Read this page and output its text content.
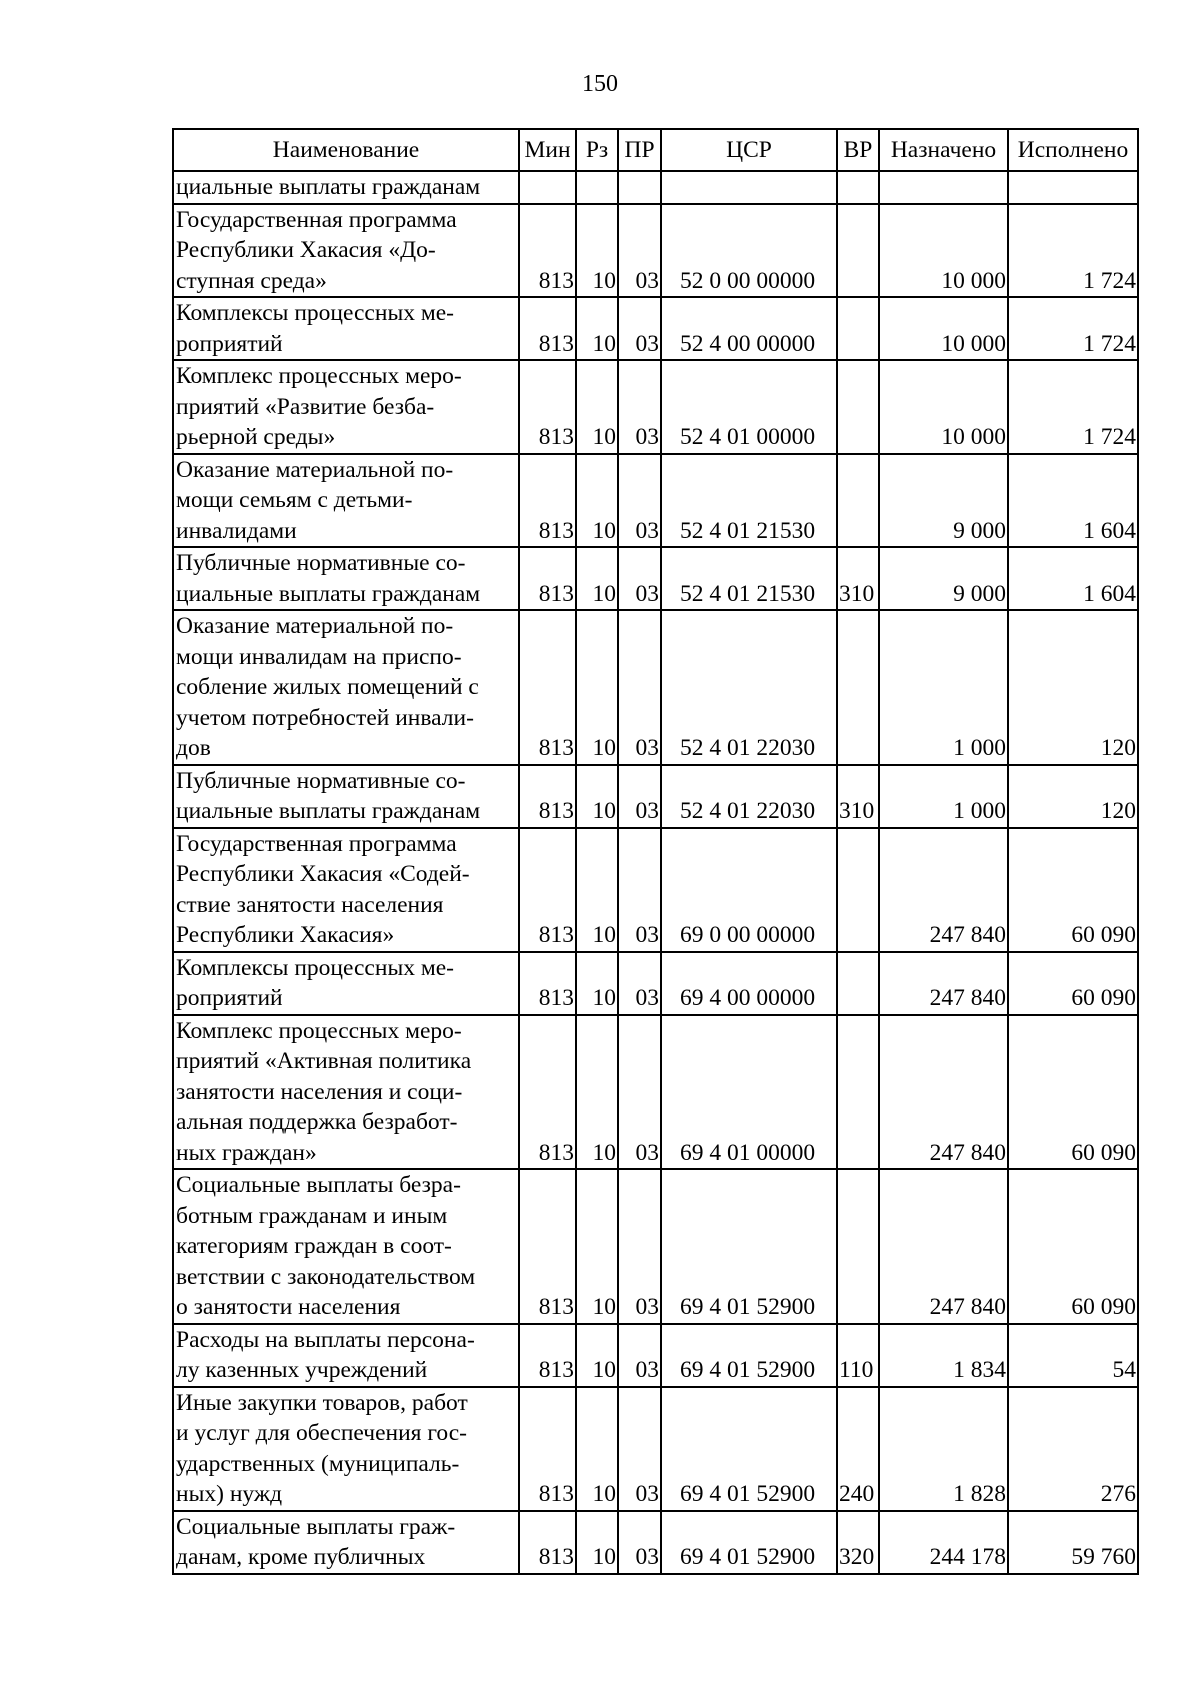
150
Наименование	Мин	Рз	ПР	ЦСР	ВР	Назначено	Исполнено
циальные выплаты гражданам							
Государственная программа
Республики Хакасия «До-
ступная среда»	813	10	03	52 0 00 00000		10 000	1 724
Комплексы процессных ме-
роприятий	813	10	03	52 4 00 00000		10 000	1 724
Комплекс процессных меро-
приятий «Развитие безба-
рьерной среды»	813	10	03	52 4 01 00000		10 000	1 724
Оказание материальной по-
мощи семьям с детьми-
инвалидами	813	10	03	52 4 01 21530		9 000	1 604
Публичные нормативные со-
циальные выплаты гражданам	813	10	03	52 4 01 21530	310	9 000	1 604
Оказание материальной по-
мощи инвалидам на приспо-
собление жилых помещений с
учетом потребностей инвали-
дов	813	10	03	52 4 01 22030		1 000	120
Публичные нормативные со-
циальные выплаты гражданам	813	10	03	52 4 01 22030	310	1 000	120
Государственная программа
Республики Хакасия «Содей-
ствие занятости населения
Республики Хакасия»	813	10	03	69 0 00 00000		247 840	60 090
Комплексы процессных ме-
роприятий	813	10	03	69 4 00 00000		247 840	60 090
Комплекс процессных меро-
приятий «Активная политика
занятости населения и соци-
альная поддержка безработ-
ных граждан»	813	10	03	69 4 01 00000		247 840	60 090
Социальные выплаты безра-
ботным гражданам и иным
категориям граждан в соот-
ветствии с законодательством
о занятости населения	813	10	03	69 4 01 52900		247 840	60 090
Расходы на выплаты персона-
лу казенных учреждений	813	10	03	69 4 01 52900	110	1 834	54
Иные закупки товаров, работ
и услуг для обеспечения гос-
ударственных (муниципаль-
ных) нужд	813	10	03	69 4 01 52900	240	1 828	276
Социальные выплаты граж-
данам, кроме публичных	813	10	03	69 4 01 52900	320	244 178	59 760
